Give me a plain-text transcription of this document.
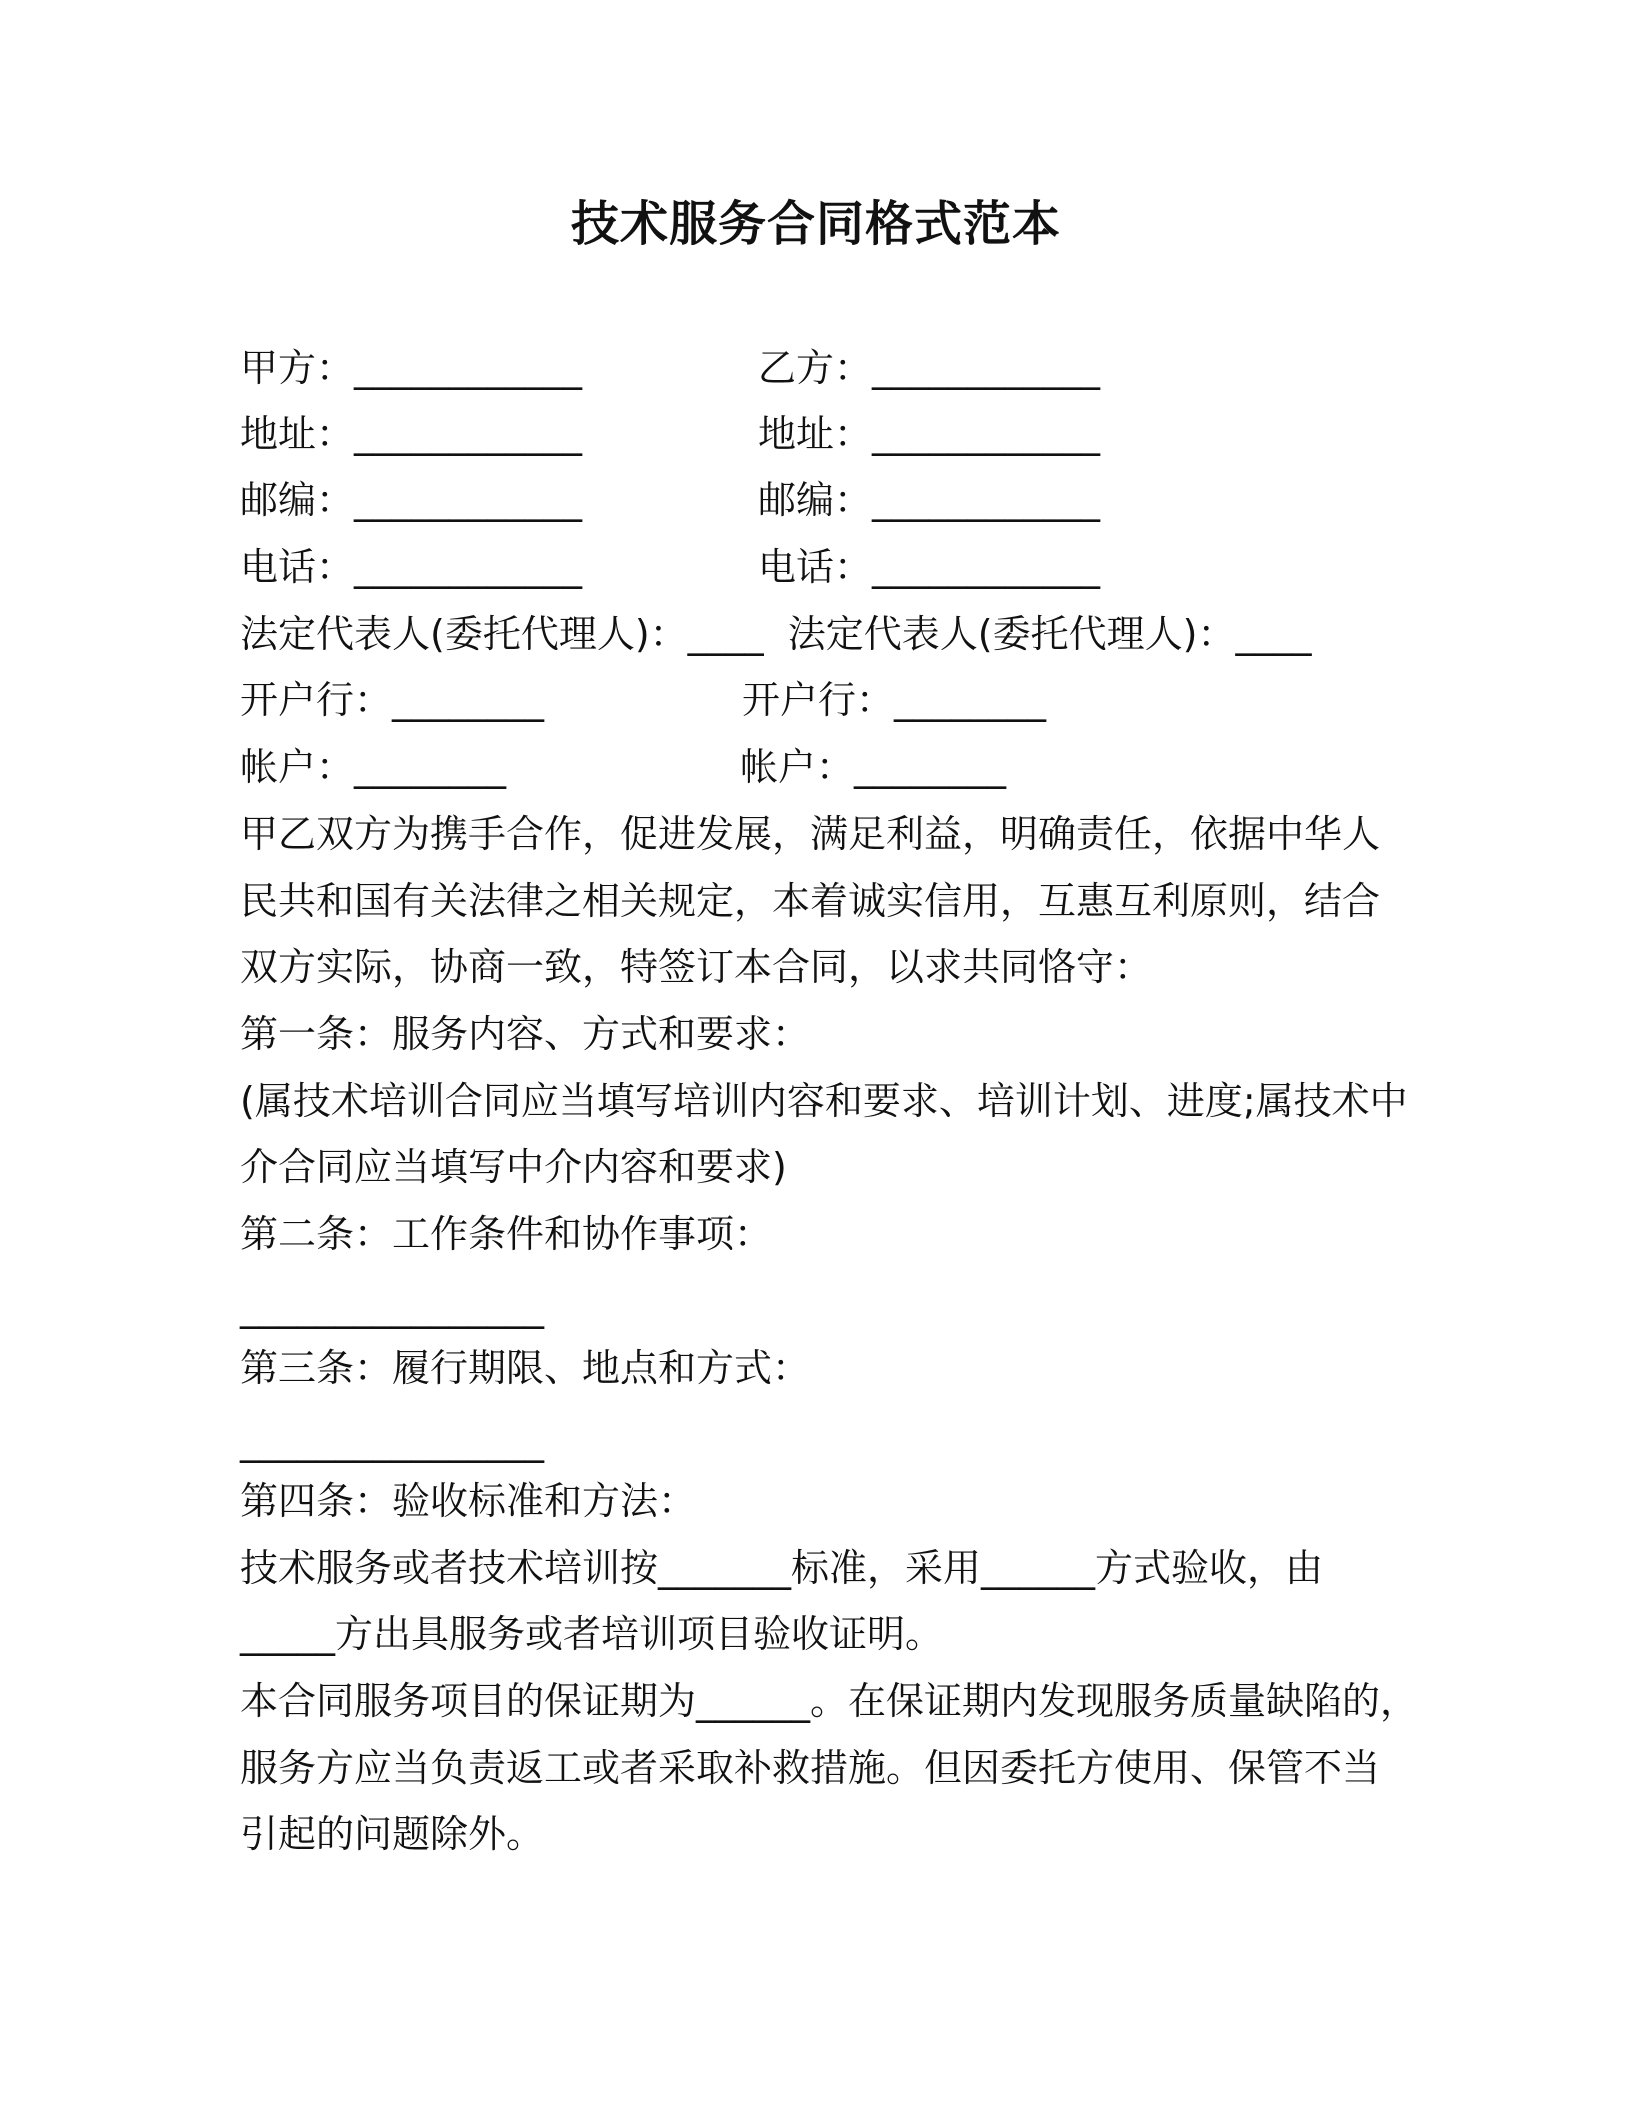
技术服务合同格式范本
甲方：____________	乙方：____________
地址：____________	地址：____________
邮编：____________	邮编：____________
电话：____________	电话：____________
法定代表人(委托代理人)：____  法定代表人(委托代理人)：____
开户行：________	开户行：________
帐户：________	帐户：________
甲乙双方为携手合作，促进发展，满足利益，明确责任，依据中华人
民共和国有关法律之相关规定，本着诚实信用，互惠互利原则，结合
双方实际，协商一致，特签订本合同，以求共同恪守：
第一条：服务内容、方式和要求：
(属技术培训合同应当填写培训内容和要求、培训计划、进度;属技术中
介合同应当填写中介内容和要求)
第二条：工作条件和协作事项：
________________
第三条：履行期限、地点和方式：
________________
第四条：验收标准和方法：
技术服务或者技术培训按_______标准，采用______方式验收，由
_____方出具服务或者培训项目验收证明。
本合同服务项目的保证期为______。在保证期内发现服务质量缺陷的，
服务方应当负责返工或者采取补救措施。但因委托方使用、保管不当
引起的问题除外。
